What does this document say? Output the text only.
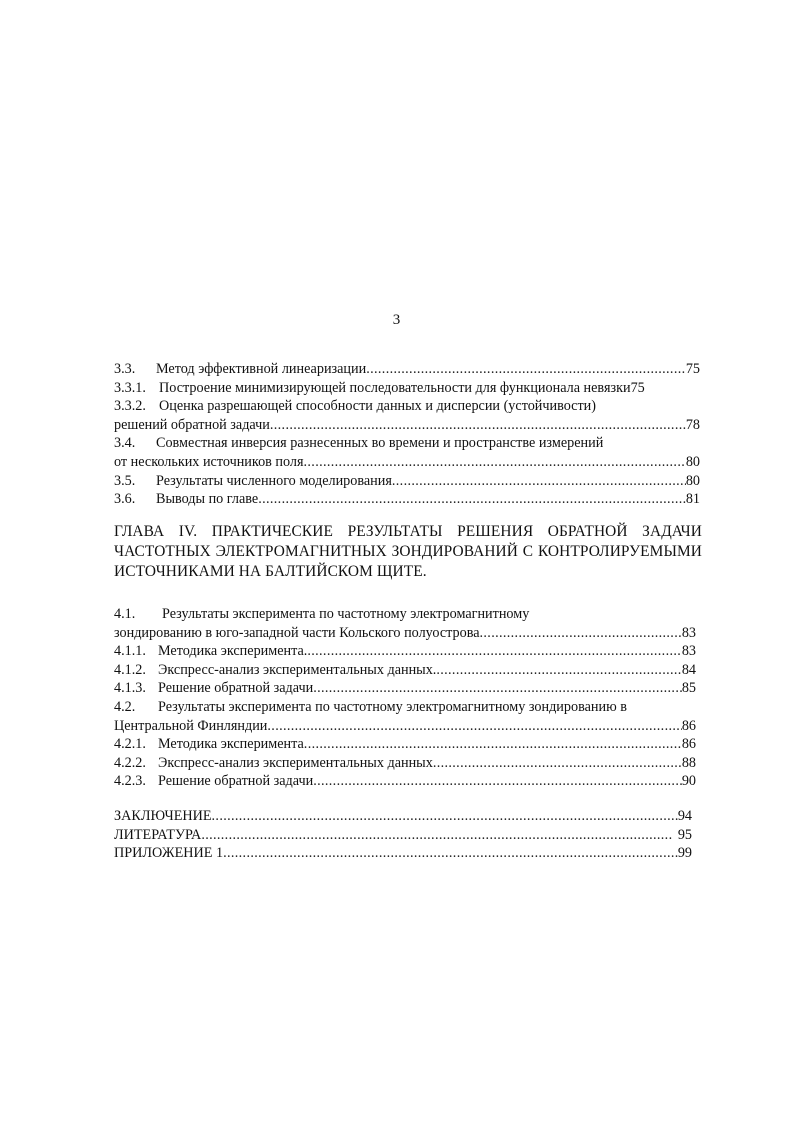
3
3.3.	Метод эффективной линеаризации . . .	75
3.3.1. Построение минимизирующей последовательности для функционала невязки 75
3.3.2. Оценка разрешающей способности данных и дисперсии (устойчивости)
решений обратной задачи . . .	78
3.4.	Совместная инверсия разнесенных во времени и пространстве измерений
от нескольких источников поля . . .	80
3.5.	Результаты численного моделирования . . .	80
3.6.	Выводы по главе . . .	81
ГЛАВА IV. ПРАКТИЧЕСКИЕ РЕЗУЛЬТАТЫ РЕШЕНИЯ ОБРАТНОЙ ЗАДАЧИ
ЧАСТОТНЫХ ЭЛЕКТРОМАГНИТНЫХ ЗОНДИРОВАНИЙ С КОНТРОЛИРУЕМЫМИ
ИСТОЧНИКАМИ НА БАЛТИЙСКОМ ЩИТЕ.
4.1.	Результаты эксперимента по частотному электромагнитному
зондированию в юго-западной части Кольского полуострова . . .	83
4.1.1. Методика эксперимента. . . .	83
4.1.2. Экспресс-анализ экспериментальных данных. . . .	84
4.1.3. Решение обратной задачи . . .	85
4.2.	Результаты эксперимента по частотному электромагнитному зондированию в
Центральной Финляндии . . .	86
4.2.1. Методика эксперимента . . .	86
4.2.2. Экспресс-анализ экспериментальных данных . . .	88
4.2.3. Решение обратной задачи . . .	90
ЗАКЛЮЧЕНИЕ . . .	94
ЛИТЕРАТУРА . . .	95
ПРИЛОЖЕНИЕ 1 . . .	99
